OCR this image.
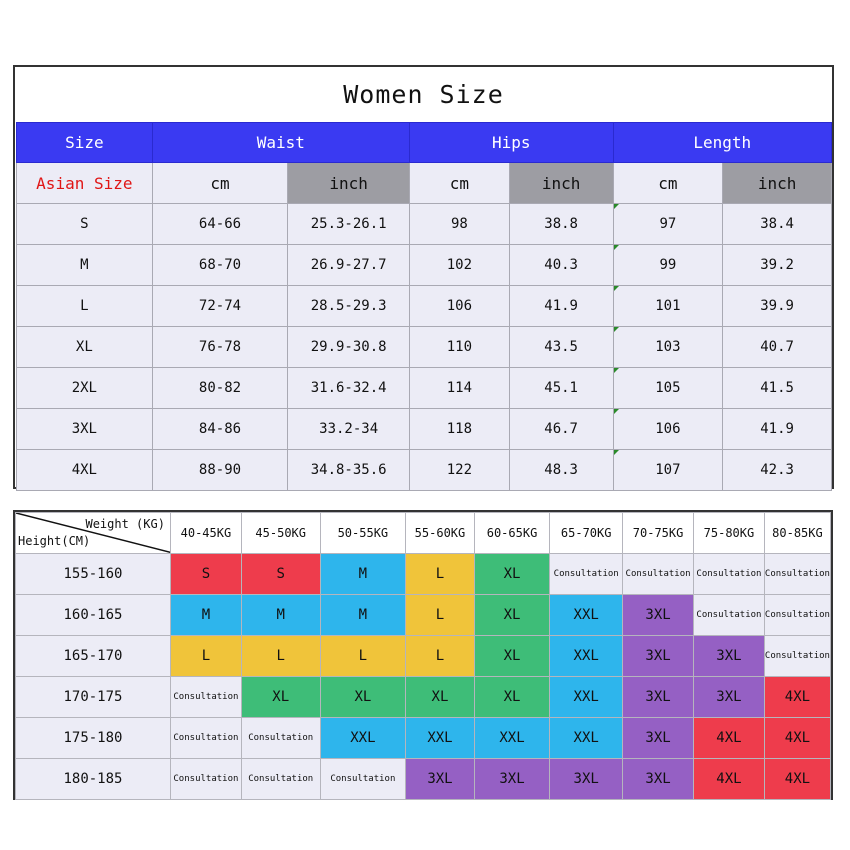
Women Size
Size	Waist		Hips		Length	
Asian Size	cm	inch	cm	inch	cm	inch
S	64-66	25.3-26.1	98	38.8	97	38.4
M	68-70	26.9-27.7	102	40.3	99	39.2
L	72-74	28.5-29.3	106	41.9	101	39.9
XL	76-78	29.9-30.8	110	43.5	103	40.7
2XL	80-82	31.6-32.4	114	45.1	105	41.5
3XL	84-86	33.2-34	118	46.7	106	41.9
4XL	88-90	34.8-35.6	122	48.3	107	42.3
Weight (KG)
Height(CM)	40-45KG	45-50KG	50-55KG	55-60KG	60-65KG	65-70KG	70-75KG	75-80KG	80-85KG
155-160	S	S	M	L	XL	Consultation	Consultation	Consultation	Consultation
160-165	M	M	M	L	XL	XXL	3XL	Consultation	Consultation
165-170	L	L	L	L	XL	XXL	3XL	3XL	Consultation
170-175	Consultation	XL	XL	XL	XL	XXL	3XL	3XL	4XL
175-180	Consultation	Consultation	XXL	XXL	XXL	XXL	3XL	4XL	4XL
180-185	Consultation	Consultation	Consultation	3XL	3XL	3XL	3XL	4XL	4XL
